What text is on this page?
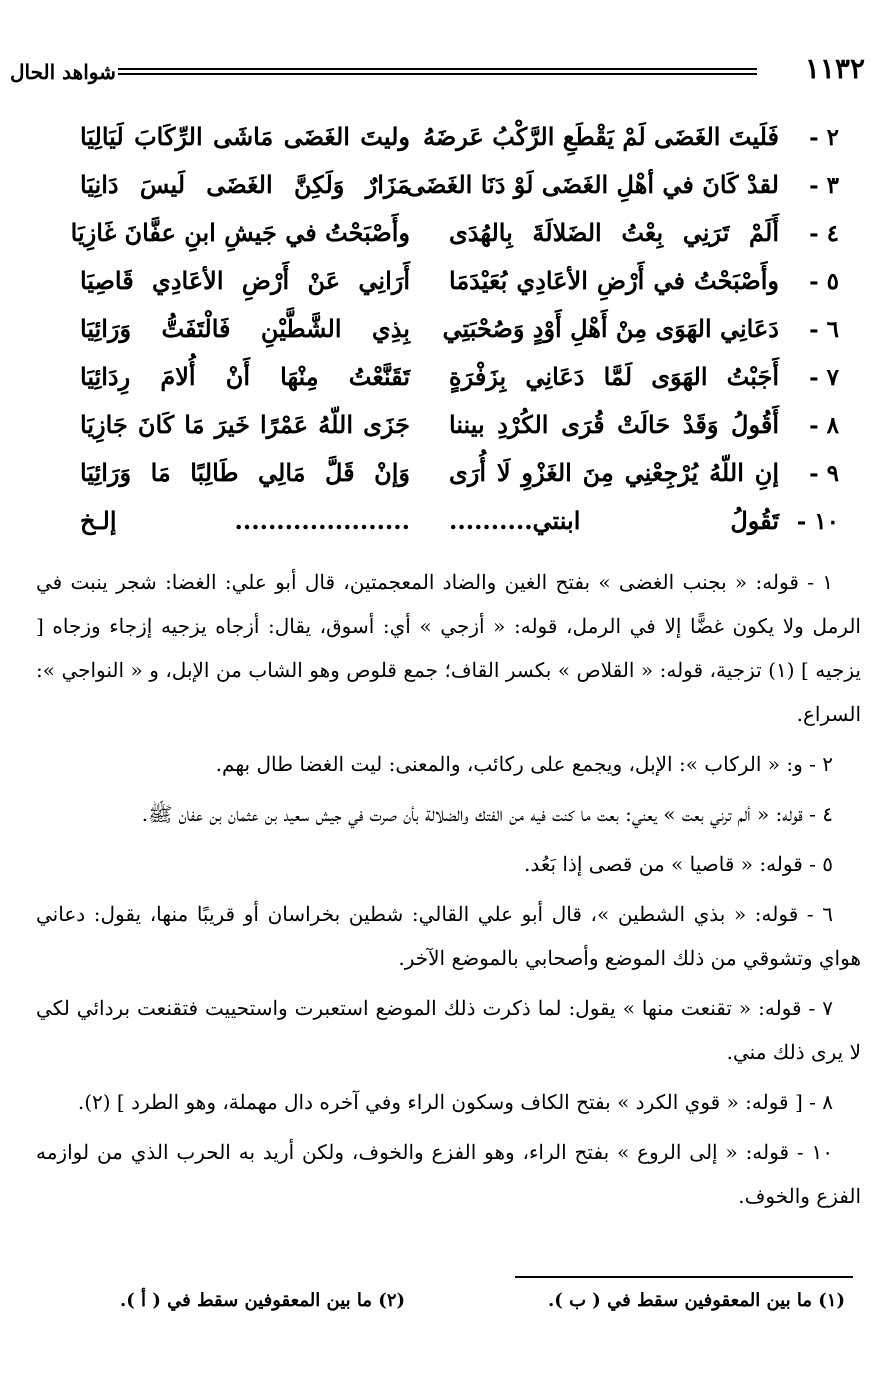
١١٣٢
شواهد الحال
٢ -
فَلَيتَ الغَضَى لَمْ يَقْطَعِ الرَّكْبُ عَرضَهُ
وليتَ الغَضَى مَاشَى الرِّكَابَ لَيَالِيَا
٣ -
لقدْ كَانَ في أهْلِ الغَضَى لَوْ دَنَا الغَضَى
مَزَارٌ وَلَكِنَّ الغَضَى لَيسَ دَانِيَا
٤ -
أَلَمْ تَرَنِي بِعْتُ الضَلالَةَ بِالهُدَى
وأَصْبَحْتُ في جَيشِ ابنِ عفَّانَ غَازِيَا
٥ -
وأَصْبَحْتُ في أَرْضِ الأعَادِي بُعَيْدَمَا
أَرَانِي عَنْ أَرْضِ الأعَادِي قَاصِيَا
٦ -
دَعَانِي الهَوَى مِنْ أَهْلِ أَوْدٍ وَصُحْبَتِي
بِذِي الشَّطَّيْنِ فَالْتَفَتُّ وَرَائِيَا
٧ -
أَجَبْتُ الهَوَى لَمَّا دَعَانِي بِزَفْرَةٍ
تَقَنَّعْتُ مِنْهَا أَنْ أُلامَ رِدَائِيَا
٨ -
أَقُولُ وَقَدْ حَالَتْ قُرَى الكُرْدِ بيننا
جَزَى اللّهُ عَمْرًا خَيرَ مَا كَانَ جَازِيَا
٩ -
إنِ اللّهُ يُرْجِعْنِي مِنَ الغَزْوِ لَا أُرَى
وَإنْ قَلَّ مَالِي طَالِبًا مَا وَرَائِيَا
١٠ -
تَقُولُ ابنتي..........
..................... إلـخ

١ - قوله: « بجنب الغضى » بفتح الغين والضاد المعجمتين، قال أبو علي: الغضا: شجر ينبت في الرمل ولا يكون غضًّا إلا في الرمل، قوله: « أزجي » أي: أسوق، يقال: أزجاه يزجيه إزجاء وزجاه [ يزجيه ] (١) تزجية، قوله: « القلاص » بكسر القاف؛ جمع قلوص وهو الشاب من الإبل، و « النواجي »: السراع.

٢ - و: « الركاب »: الإبل، ويجمع على ركائب، والمعنى: ليت الغضا طال بهم.

٤ - قوله: « ألم ترني بعت » يعني: بعت ما كنت فيه من الفتك والضلالة بأن صرت في جيش سعيد بن عثمان بن عفان ﷺ.

٥ - قوله: « قاصيا » من قصى إذا بَعُد.

٦ - قوله: « بذي الشطين »، قال أبو علي القالي: شطين بخراسان أو قريبًا منها، يقول: دعاني هواي وتشوقي من ذلك الموضع وأصحابي بالموضع الآخر.

٧ - قوله: « تقنعت منها » يقول: لما ذكرت ذلك الموضع استعبرت واستحييت فتقنعت بردائي لكي لا يرى ذلك مني.

٨ - [ قوله: « قوي الكرد » بفتح الكاف وسكون الراء وفي آخره دال مهملة، وهو الطرد ] (٢).

١٠ - قوله: « إلى الروع » بفتح الراء، وهو الفزع والخوف، ولكن أريد به الحرب الذي من لوازمه الفزع والخوف.

(١) ما بين المعقوفين سقط في ( ب ).
(٢) ما بين المعقوفين سقط في ( أ ).
